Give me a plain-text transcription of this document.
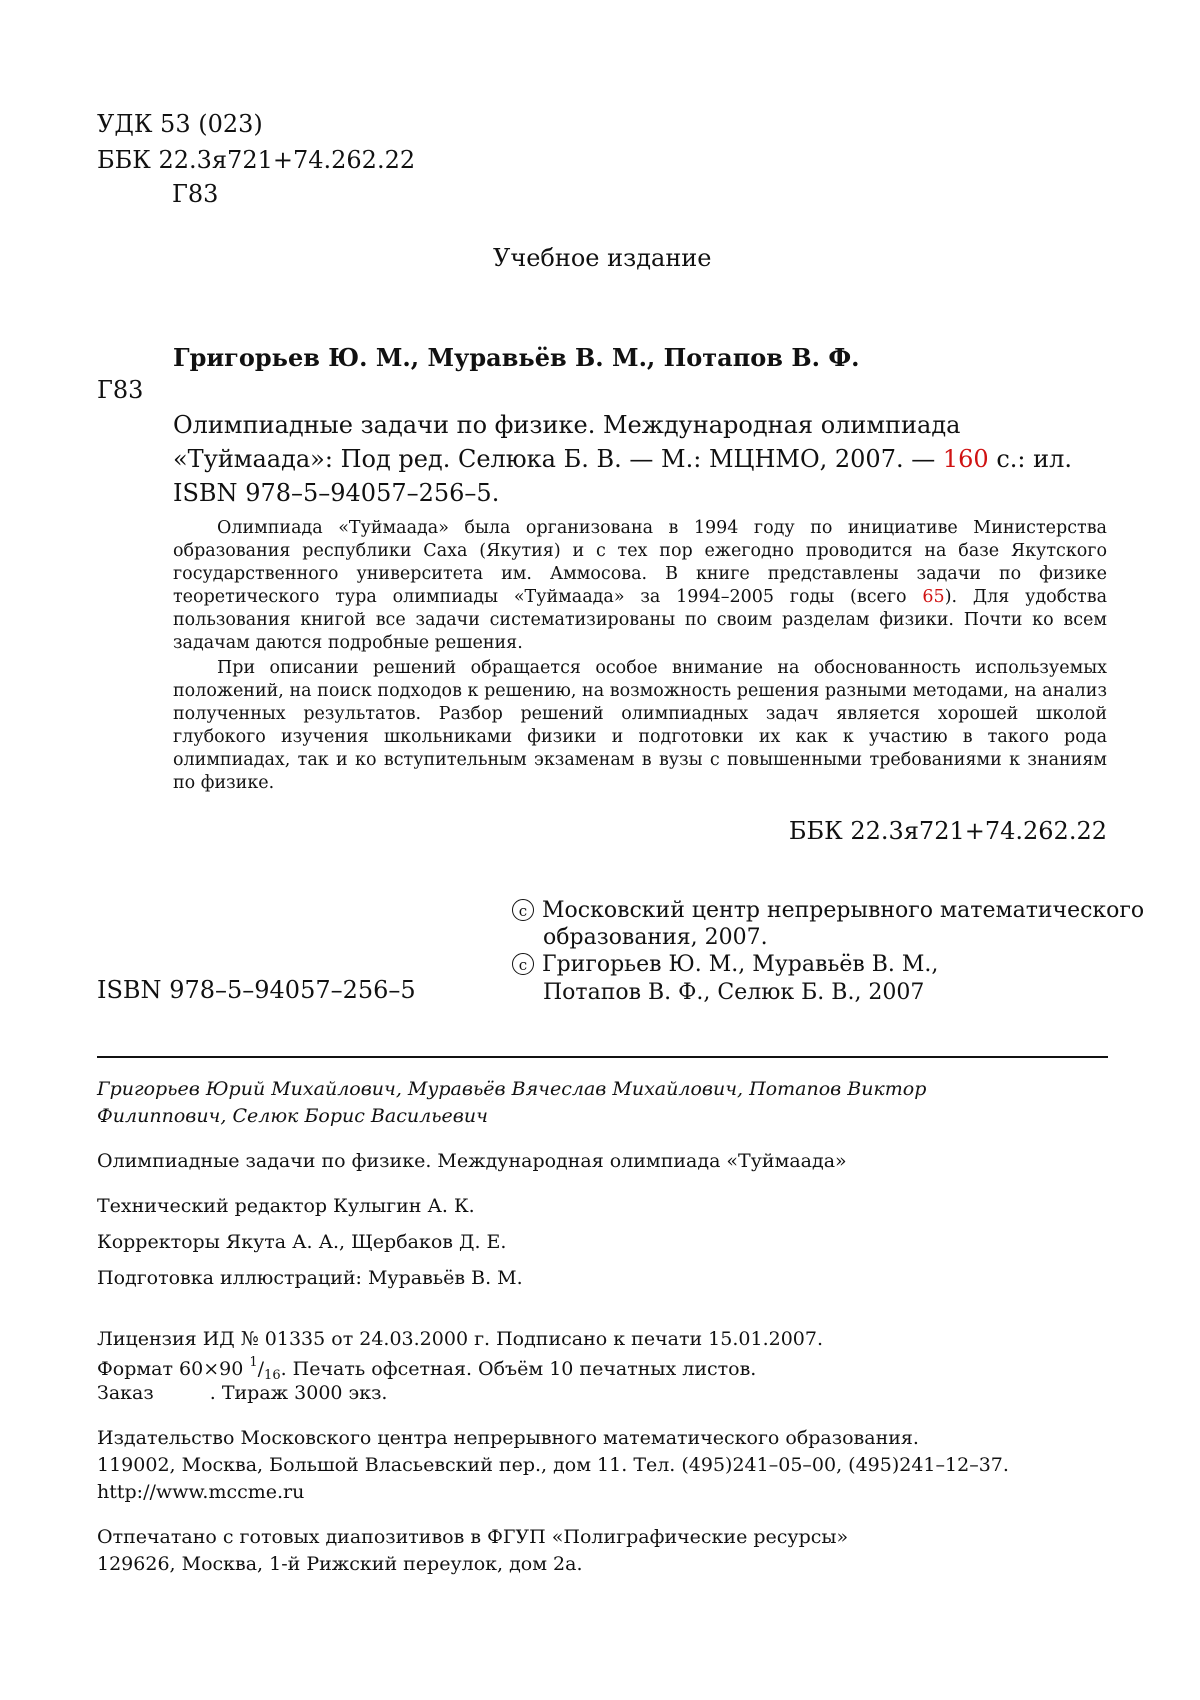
УДК 53 (023)
ББК 22.3я721+74.262.22
Г83
Учебное издание
Григорьев Ю. М., Муравьёв В. М., Потапов В. Ф.
Г83
Олимпиадные задачи по физике. Международная олимпиада
«Туймаада»: Под ред. Селюка Б. В. — М.: МЦНМО, 2007. — 160 с.: ил.
ISBN 978–5–94057–256–5.

Олимпиада «Туймаада» была организована в 1994 году по инициативе Министерства образования республики Саха (Якутия) и с тех пор ежегодно проводится на базе Якутского государственного университета им. Аммосова. В книге представлены задачи по физике теоретического тура олимпиады «Туймаада» за 1994–2005 годы (всего 65). Для удобства пользования книгой все задачи систематизированы по своим разделам физики. Почти ко всем задачам даются подробные решения.

При описании решений обращается особое внимание на обоснованность используемых положений, на поиск подходов к решению, на возможность решения разными методами, на анализ полученных результатов. Разбор решений олимпиадных задач является хорошей школой глубокого изучения школьниками физики и подготовки их как к участию в такого рода олимпиадах, так и ко вступительным экзаменам в вузы с повышенными требованиями к знаниям по физике.

ББК 22.3я721+74.262.22
c Московский центр непрерывного математического
образования, 2007.
c Григорьев Ю. М., Муравьёв В. М.,
Потапов В. Ф., Селюк Б. В., 2007
ISBN 978–5–94057–256–5
Григорьев Юрий Михайлович, Муравьёв Вячеслав Михайлович, Потапов Виктор
Филиппович, Селюк Борис Васильевич
Олимпиадные задачи по физике. Международная олимпиада «Туймаада»
Технический редактор Кулыгин А. К.
Корректоры Якута А. А., Щербаков Д. Е.
Подготовка иллюстраций: Муравьёв В. М.
Лицензия ИД № 01335 от 24.03.2000 г. Подписано к печати 15.01.2007.
Формат 60×90 $^1/_{16}$. Печать офсетная. Объём 10 печатных листов.
Заказ	. Тираж 3000 экз.
Издательство Московского центра непрерывного математического образования.
119002, Москва, Большой Власьевский пер., дом 11. Тел. (495)241–05–00, (495)241–12–37.
http://www.mccme.ru
Отпечатано с готовых диапозитивов в ФГУП «Полиграфические ресурсы»
129626, Москва, 1-й Рижский переулок, дом 2а.
